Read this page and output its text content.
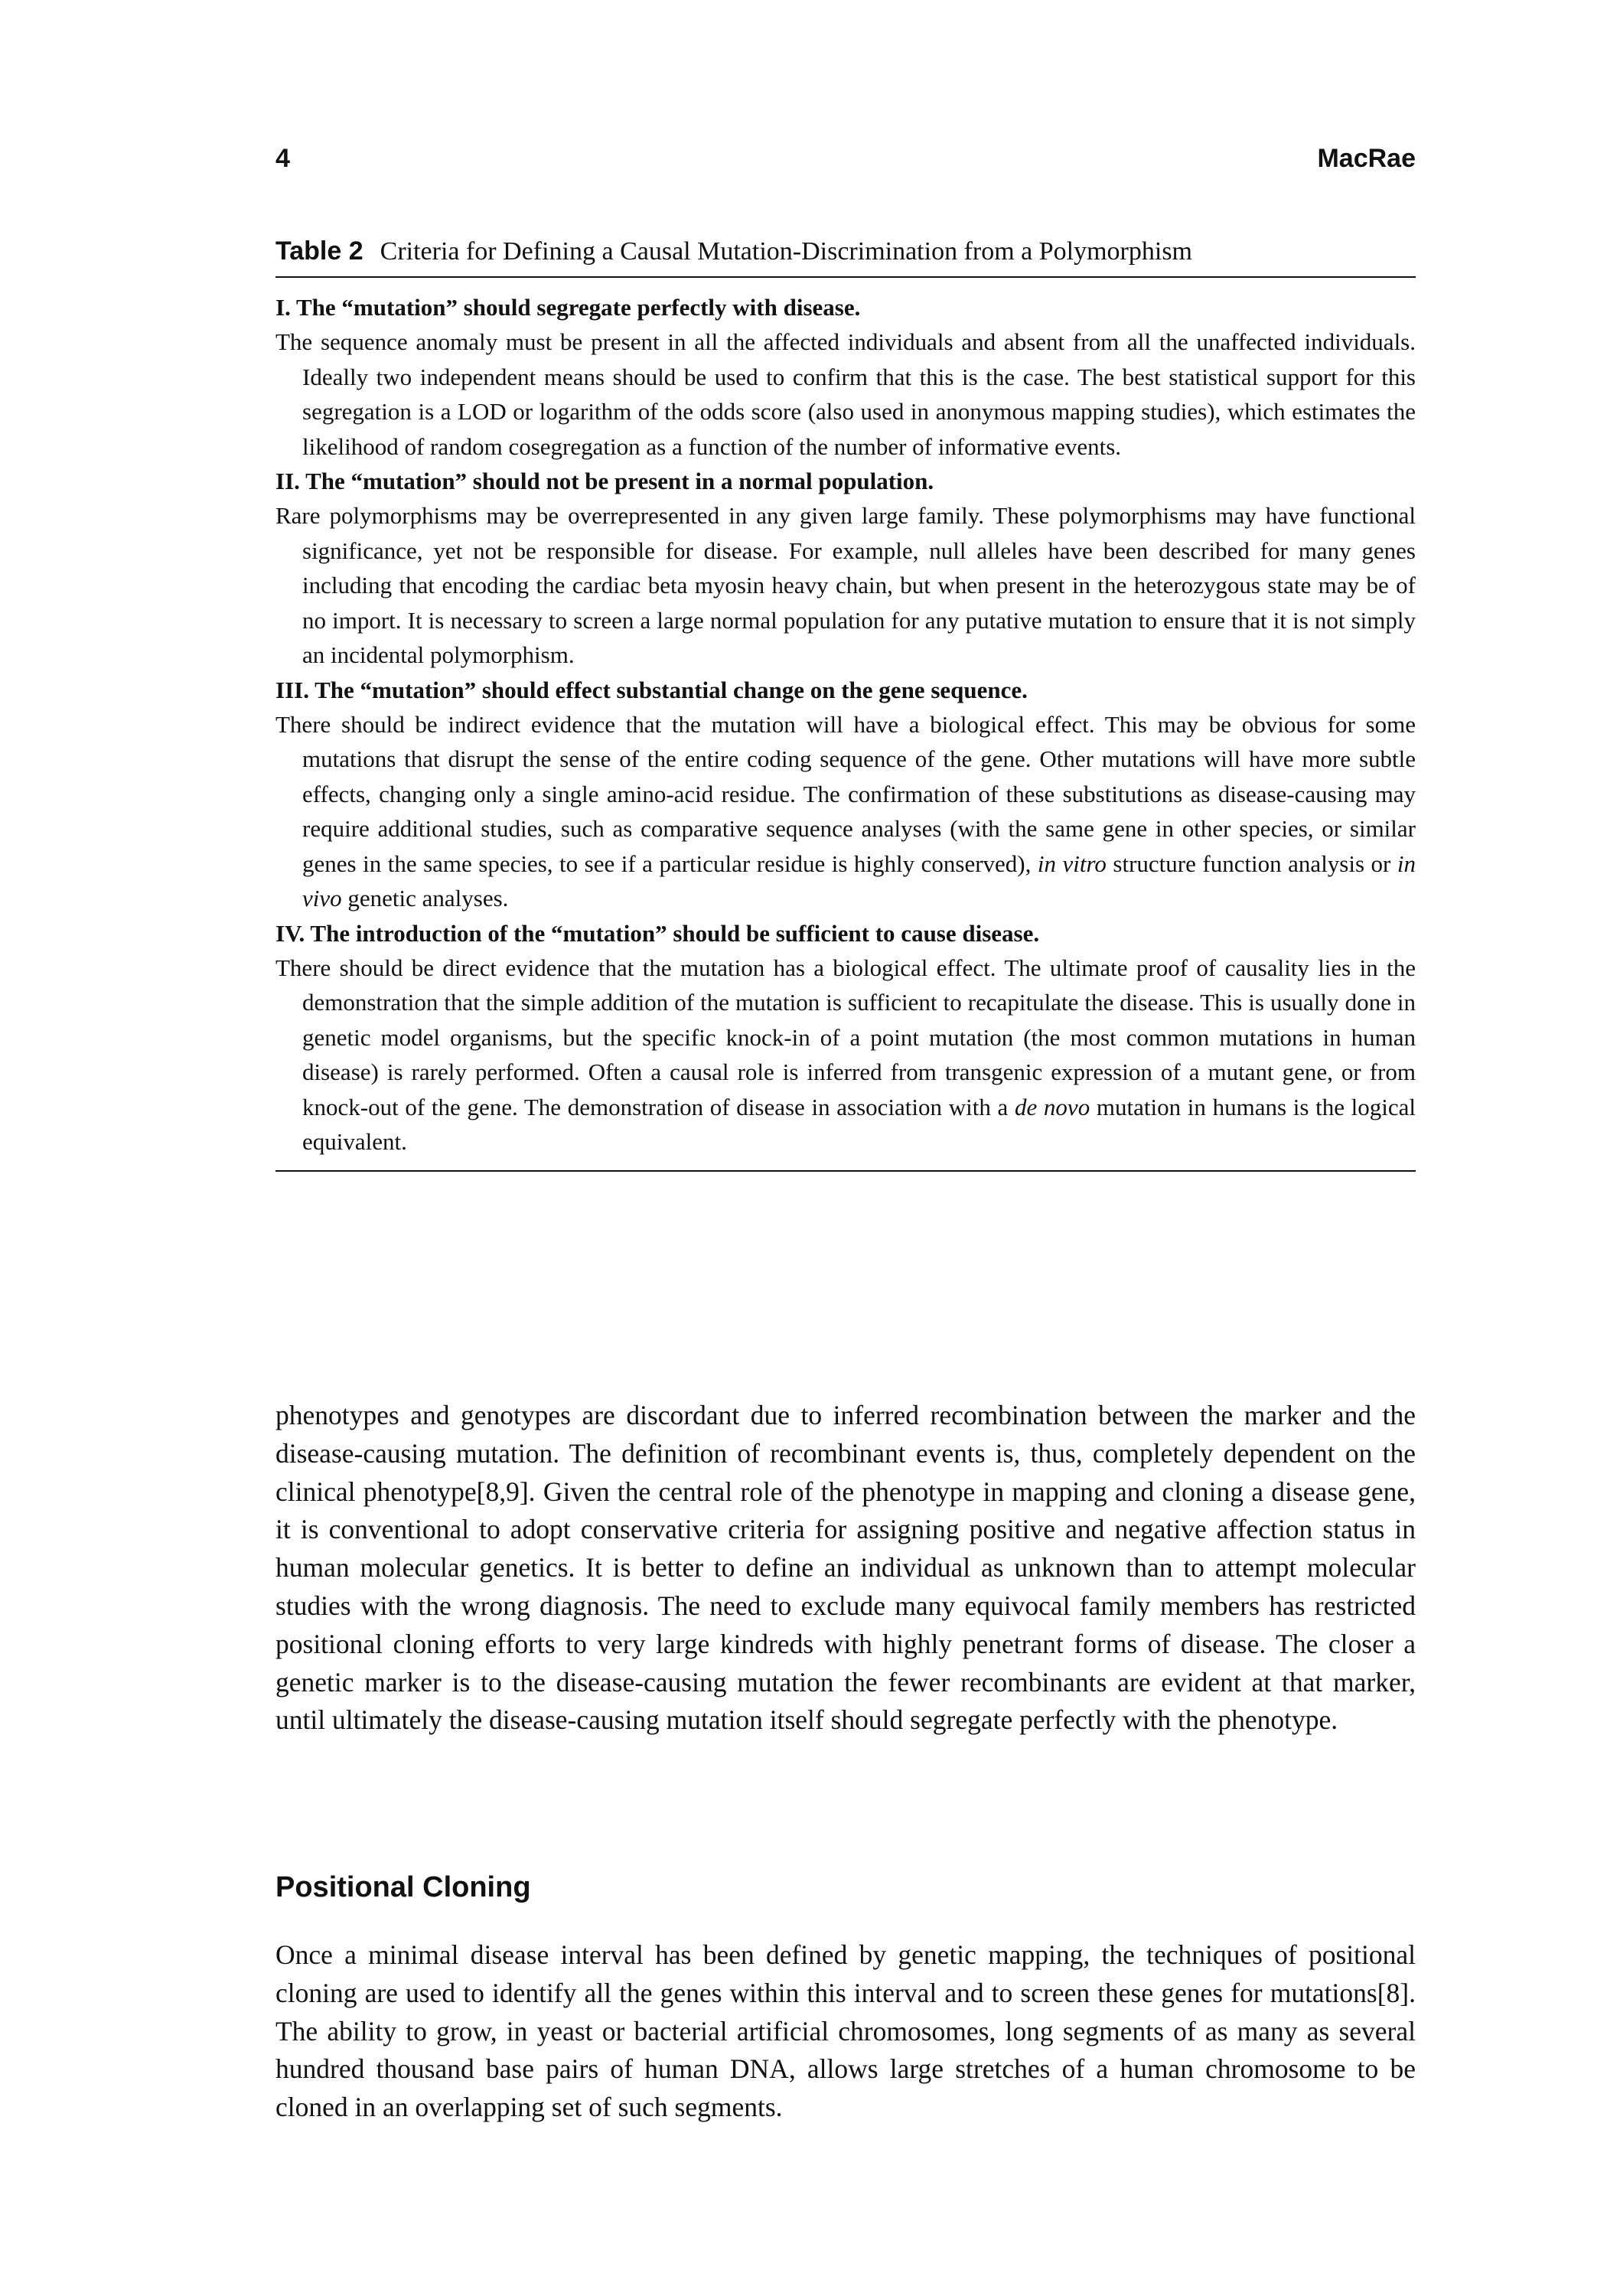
4	MacRae
Table 2 Criteria for Defining a Causal Mutation-Discrimination from a Polymorphism
I. The “mutation” should segregate perfectly with disease.
The sequence anomaly must be present in all the affected individuals and absent from all the unaffected individuals. Ideally two independent means should be used to confirm that this is the case. The best statistical support for this segregation is a LOD or logarithm of the odds score (also used in anonymous mapping studies), which estimates the likelihood of random cosegregation as a function of the number of informative events.
II. The “mutation” should not be present in a normal population.
Rare polymorphisms may be overrepresented in any given large family. These polymorphisms may have functional significance, yet not be responsible for disease. For example, null alleles have been described for many genes including that encoding the cardiac beta myosin heavy chain, but when present in the heterozygous state may be of no import. It is necessary to screen a large normal population for any putative mutation to ensure that it is not simply an incidental polymorphism.
III. The “mutation” should effect substantial change on the gene sequence.
There should be indirect evidence that the mutation will have a biological effect. This may be obvious for some mutations that disrupt the sense of the entire coding sequence of the gene. Other mutations will have more subtle effects, changing only a single amino-acid residue. The confirmation of these substitutions as disease-causing may require additional studies, such as comparative sequence analyses (with the same gene in other species, or similar genes in the same species, to see if a particular residue is highly conserved), in vitro structure function analysis or in vivo genetic analyses.
IV. The introduction of the “mutation” should be sufficient to cause disease.
There should be direct evidence that the mutation has a biological effect. The ultimate proof of causality lies in the demonstration that the simple addition of the mutation is sufficient to recapitulate the disease. This is usually done in genetic model organisms, but the specific knock-in of a point mutation (the most common mutations in human disease) is rarely performed. Often a causal role is inferred from transgenic expression of a mutant gene, or from knock-out of the gene. The demonstration of disease in association with a de novo mutation in humans is the logical equivalent.

phenotypes and genotypes are discordant due to inferred recombination between the marker and the disease-causing mutation. The definition of recombinant events is, thus, completely dependent on the clinical phenotype[8,9]. Given the central role of the phenotype in mapping and cloning a disease gene, it is conventional to adopt conservative criteria for assigning positive and negative affection status in human molecular genetics. It is better to define an individual as unknown than to attempt molecular studies with the wrong diagnosis. The need to exclude many equivocal family members has restricted positional cloning efforts to very large kindreds with highly penetrant forms of disease. The closer a genetic marker is to the disease-causing mutation the fewer recombinants are evident at that marker, until ultimately the disease-causing mutation itself should segregate perfectly with the phenotype.

Positional Cloning

Once a minimal disease interval has been defined by genetic mapping, the techniques of positional cloning are used to identify all the genes within this interval and to screen these genes for mutations[8]. The ability to grow, in yeast or bacterial artificial chromosomes, long segments of as many as several hundred thousand base pairs of human DNA, allows large stretches of a human chromosome to be cloned in an overlapping set of such segments.
